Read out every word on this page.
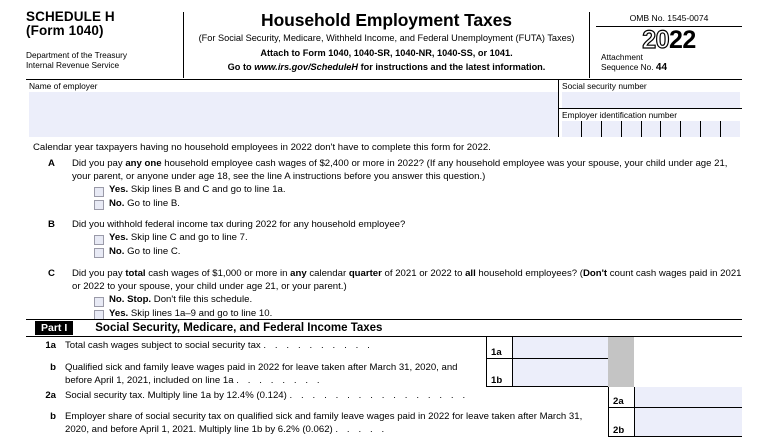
SCHEDULE H
(Form 1040)
Department of the Treasury
Internal Revenue Service
Household Employment Taxes
(For Social Security, Medicare, Withheld Income, and Federal Unemployment (FUTA) Taxes)
Attach to Form 1040, 1040-SR, 1040-NR, 1040-SS, or 1041.
Go to www.irs.gov/ScheduleH for instructions and the latest information.
OMB No. 1545-0074
2022
Attachment
Sequence No. 44
Name of employer	Social security number
Employer identification number
Calendar year taxpayers having no household employees in 2022 don't have to complete this form for 2022.
A Did you pay any one household employee cash wages of $2,400 or more in 2022? (If any household employee was your spouse, your child under age 21, your parent, or anyone under age 18, see the line A instructions before you answer this question.)
Yes. Skip lines B and C and go to line 1a.
No. Go to line B.
B Did you withhold federal income tax during 2022 for any household employee?
Yes. Skip line C and go to line 7.
No. Go to line C.
C Did you pay total cash wages of $1,000 or more in any calendar quarter of 2021 or 2022 to all household employees? (Don't count cash wages paid in 2021 or 2022 to your spouse, your child under age 21, or your parent.)
No. Stop. Don't file this schedule.
Yes. Skip lines 1a–9 and go to line 10.
Part I	Social Security, Medicare, and Federal Income Taxes
1a Total cash wages subject to social security tax . . . . . . . . . .
1a
b Qualified sick and family leave wages paid in 2022 for leave taken after March 31, 2020, and before April 1, 2021, included on line 1a . . . . . . . .	1b
2a Social security tax. Multiply line 1a by 12.4% (0.124) . . . . . . . . . . . . . . . .
2a
b Employer share of social security tax on qualified sick and family leave wages paid in 2022 for leave taken after March 31, 2020, and before April 1, 2021. Multiply line 1b by 6.2% (0.062) . . . . .	2b
